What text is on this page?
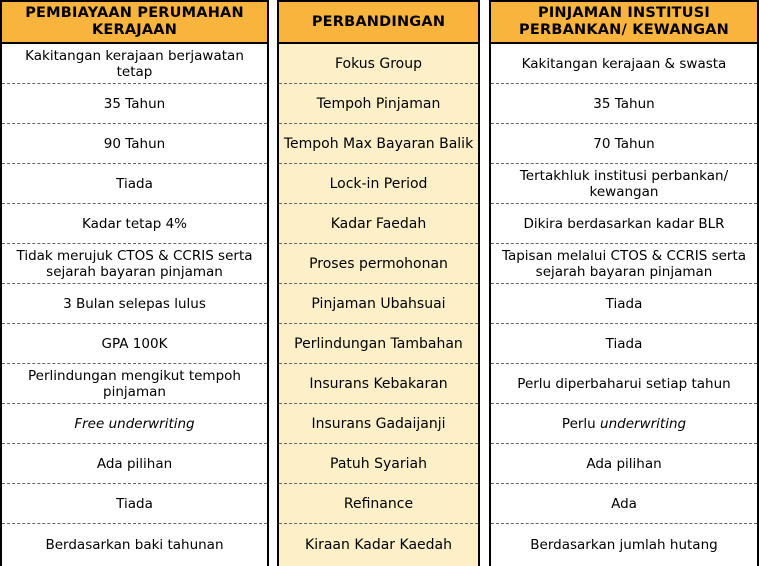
PEMBIAYAAN PERUMAHAN KERAJAAN
Kakitangan kerajaan berjawatan tetap
35 Tahun
90 Tahun
Tiada
Kadar tetap 4%
Tidak merujuk CTOS & CCRIS serta sejarah bayaran pinjaman
3 Bulan selepas lulus
GPA 100K
Perlindungan mengikut tempoh pinjaman
Free underwriting
Ada pilihan
Tiada
Berdasarkan baki tahunan
PERBANDINGAN
Fokus Group
Tempoh Pinjaman
Tempoh Max Bayaran Balik
Lock-in Period
Kadar Faedah
Proses permohonan
Pinjaman Ubahsuai
Perlindungan Tambahan
Insurans Kebakaran
Insurans Gadaijanji
Patuh Syariah
Refinance
Kiraan Kadar Kaedah
PINJAMAN INSTITUSI PERBANKAN/ KEWANGAN
Kakitangan kerajaan & swasta
35 Tahun
70 Tahun
Tertakhluk institusi perbankan/ kewangan
Dikira berdasarkan kadar BLR
Tapisan melalui CTOS & CCRIS serta sejarah bayaran pinjaman
Tiada
Tiada
Perlu diperbaharui setiap tahun
Perlu
underwriting
Ada pilihan
Ada
Berdasarkan jumlah hutang
